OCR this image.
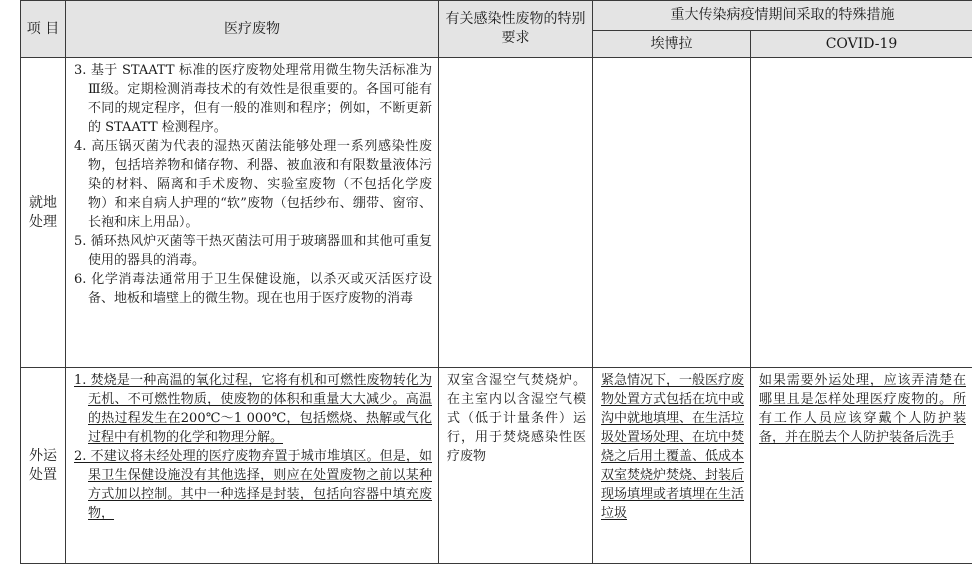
项 目	医疗废物	有关感染性废物的特别要求	重大传染病疫情期间采取的特殊措施	
			埃博拉	COVID-19
就地处理	3. 基于 STAATT 标准的医疗废物处理常用微生物失活标准为Ⅲ级。定期检测消毒技术的有效性是很重要的。各国可能有不同的规定程序，但有一般的准则和程序；例如，不断更新的 STAATT 检测程序。

4. 高压锅灭菌为代表的湿热灭菌法能够处理一系列感染性废物，包括培养物和储存物、利器、被血液和有限数量液体污染的材料、隔离和手术废物、实验室废物（不包括化学废物）和来自病人护理的“软”废物（包括纱布、绷带、窗帘、长袍和床上用品）。

5. 循环热风炉灭菌等干热灭菌法可用于玻璃器皿和其他可重复使用的器具的消毒。

6. 化学消毒法通常用于卫生保健设施，以杀灭或灭活医疗设备、地板和墙壁上的微生物。现在也用于医疗废物的消毒			

外运处置	1. 焚烧是一种高温的氧化过程，它将有机和可燃性废物转化为无机、不可燃性物质，使废物的体积和重量大大减少。高温的热过程发生在200℃～1 000℃，包括燃烧、热解或气化过程中有机物的化学和物理分解。

2. 不建议将未经处理的医疗废物弃置于城市堆填区。但是，如果卫生保健设施没有其他选择，则应在处置废物之前以某种方式加以控制。其中一种选择是封装，包括向容器中填充废物，	双室含湿空气焚烧炉。在主室内以含湿空气模式（低于计量条件）运行，用于焚烧感染性医疗废物	紧急情况下，一般医疗废物处置方式包括在坑中或沟中就地填埋、在生活垃圾处置场处理、在坑中焚烧之后用土覆盖、低成本双室焚烧炉焚烧、封装后现场填埋或者填埋在生活垃圾	如果需要外运处理，应该弄清楚在哪里且是怎样处理医疗废物的。所有工作人员应该穿戴个人防护装备，并在脱去个人防护装备后洗手
